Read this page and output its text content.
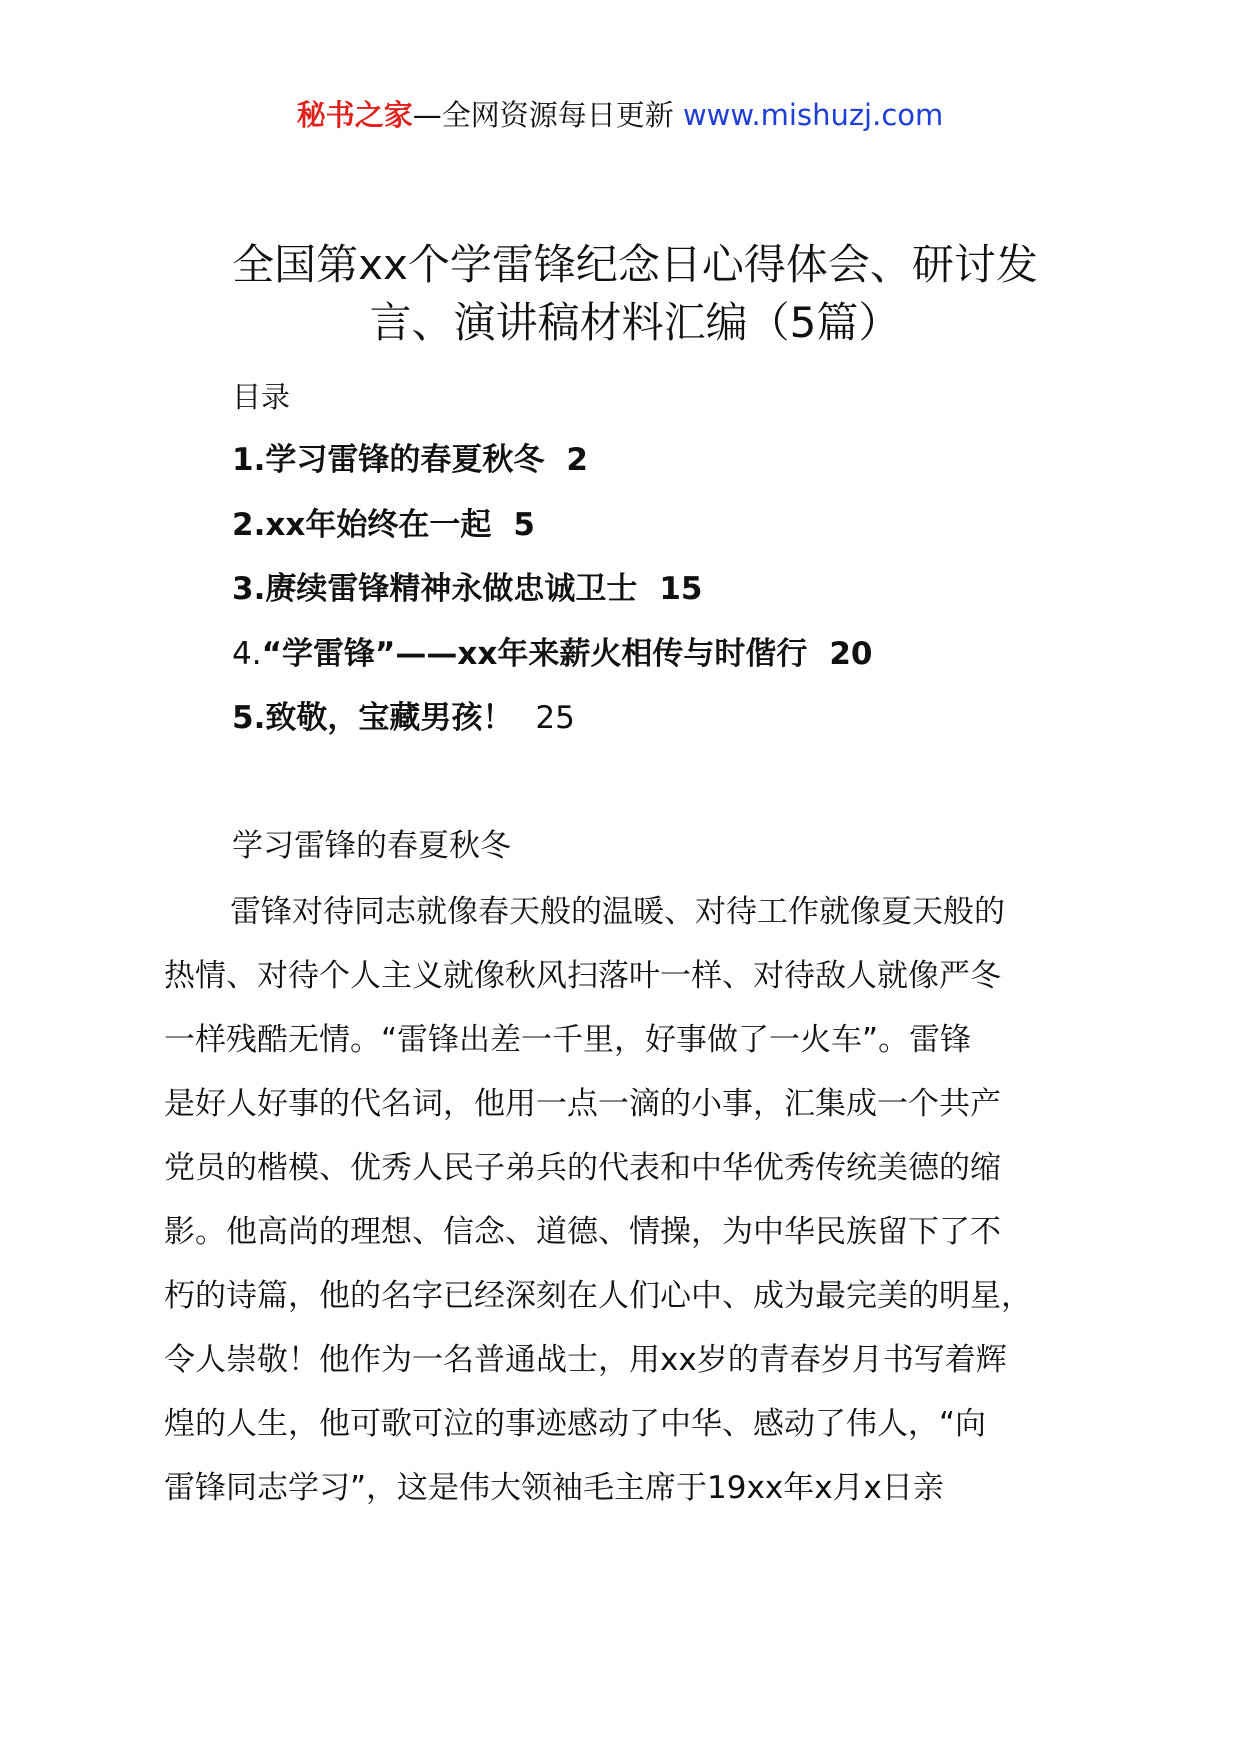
秘书之家—全网资源每日更新 www.mishuzj.com
全国第xx个学雷锋纪念日心得体会、研讨发
言、演讲稿材料汇编（5篇）
目录
1.学习雷锋的春夏秋冬 2
2.xx年始终在一起 5
3.赓续雷锋精神永做忠诚卫士 15
4.“学雷锋”——xx年来薪火相传与时偕行 20
5.致敬，宝藏男孩！ 25
学习雷锋的春夏秋冬
雷锋对待同志就像春天般的温暖、对待工作就像夏天般的
热情、对待个人主义就像秋风扫落叶一样、对待敌人就像严冬
一样残酷无情。“雷锋出差一千里，好事做了一火车”。雷锋
是好人好事的代名词，他用一点一滴的小事，汇集成一个共产
党员的楷模、优秀人民子弟兵的代表和中华优秀传统美德的缩
影。他高尚的理想、信念、道德、情操，为中华民族留下了不
朽的诗篇，他的名字已经深刻在人们心中、成为最完美的明星，
令人崇敬！他作为一名普通战士，用xx岁的青春岁月书写着辉
煌的人生，他可歌可泣的事迹感动了中华、感动了伟人，“向
雷锋同志学习”，这是伟大领袖毛主席于19xx年x月x日亲
